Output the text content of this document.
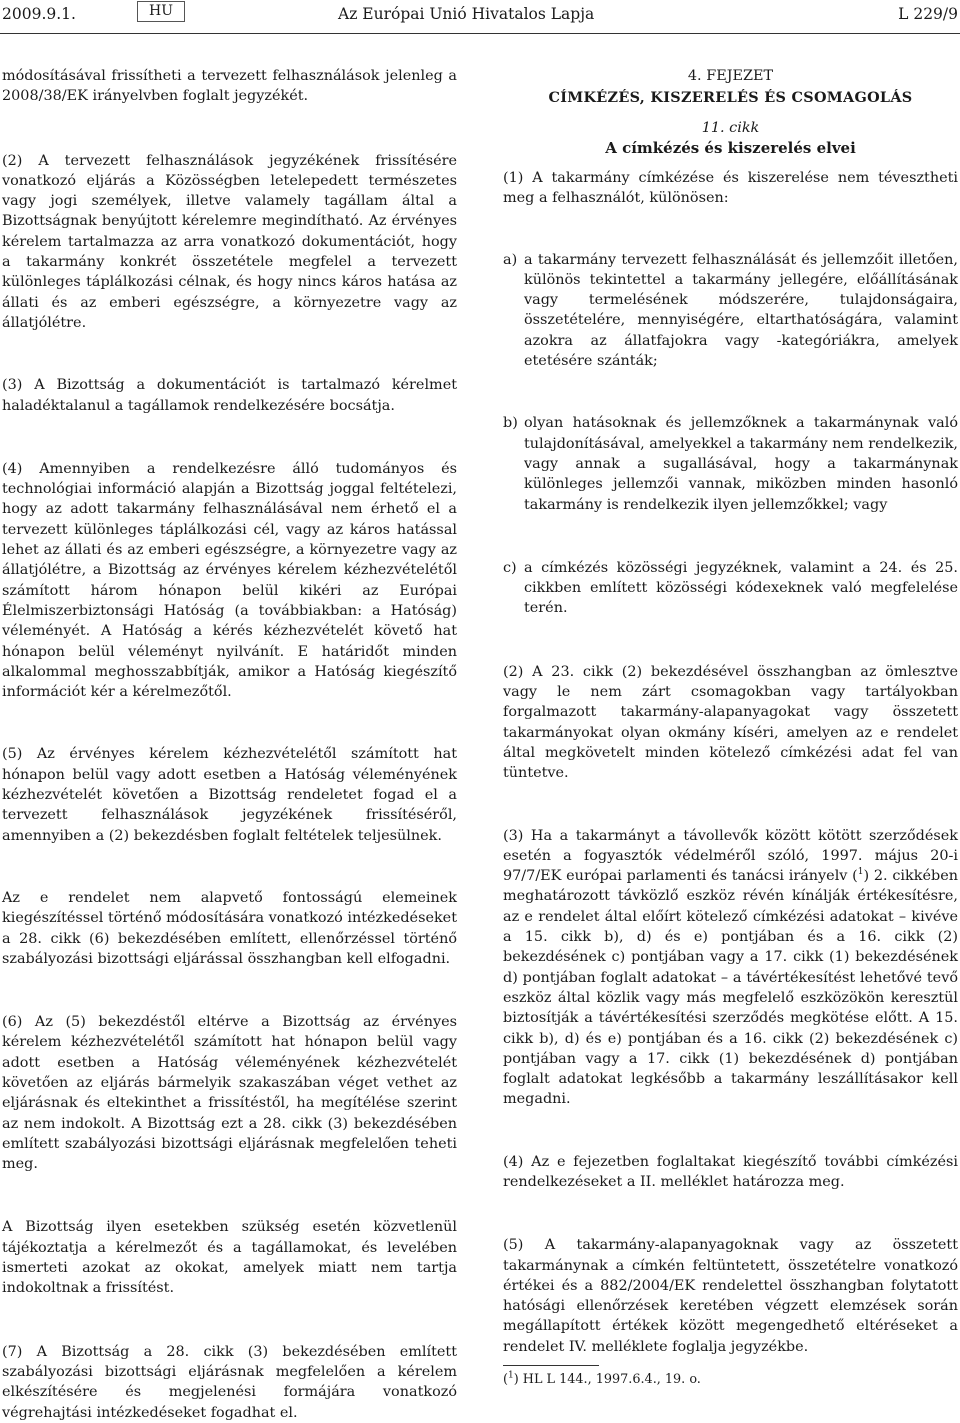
2009.9.1.	HU	Az Európai Unió Hivatalos Lapja	L 229/9

módosításával frissítheti a tervezett felhasználások jelenleg a 2008/38/EK irányelvben foglalt jegyzékét.

(2) A tervezett felhasználások jegyzékének frissítésére vonatkozó eljárás a Közösségben letelepedett természetes vagy jogi személyek, illetve valamely tagállam által a Bizottságnak benyújtott kérelemre megindítható. Az érvényes kérelem tartalmazza az arra vonatkozó dokumentációt, hogy a takarmány konkrét összetétele megfelel a tervezett különleges táplálkozási célnak, és hogy nincs káros hatása az állati és az emberi egészségre, a környezetre vagy az állatjólétre.

(3) A Bizottság a dokumentációt is tartalmazó kérelmet haladéktalanul a tagállamok rendelkezésére bocsátja.

(4) Amennyiben a rendelkezésre álló tudományos és technológiai információ alapján a Bizottság joggal feltételezi, hogy az adott takarmány felhasználásával nem érhető el a tervezett különleges táplálkozási cél, vagy az káros hatással lehet az állati és az emberi egészségre, a környezetre vagy az állatjólétre, a Bizottság az érvényes kérelem kézhezvételétől számított három hónapon belül kikéri az Európai Élelmiszerbiztonsági Hatóság (a továbbiakban: a Hatóság) véleményét. A Hatóság a kérés kézhezvételét követő hat hónapon belül véleményt nyilvánít. E határidőt minden alkalommal meghosszabbítják, amikor a Hatóság kiegészítő információt kér a kérelmezőtől.

(5) Az érvényes kérelem kézhezvételétől számított hat hónapon belül vagy adott esetben a Hatóság véleményének kézhezvételét követően a Bizottság rendeletet fogad el a tervezett felhasználások jegyzékének frissítéséről, amennyiben a (2) bekezdésben foglalt feltételek teljesülnek.

Az e rendelet nem alapvető fontosságú elemeinek kiegészítéssel történő módosítására vonatkozó intézkedéseket a 28. cikk (6) bekezdésében említett, ellenőrzéssel történő szabályozási bizottsági eljárással összhangban kell elfogadni.

(6) Az (5) bekezdéstől eltérve a Bizottság az érvényes kérelem kézhezvételétől számított hat hónapon belül vagy adott esetben a Hatóság véleményének kézhezvételét követően az eljárás bármelyik szakaszában véget vethet az eljárásnak és eltekinthet a frissítéstől, ha megítélése szerint az nem indokolt. A Bizottság ezt a 28. cikk (3) bekezdésében említett szabályozási bizottsági eljárásnak megfelelően teheti meg.

A Bizottság ilyen esetekben szükség esetén közvetlenül tájékoztatja a kérelmezőt és a tagállamokat, és levelében ismerteti azokat az okokat, amelyek miatt nem tartja indokoltnak a frissítést.

(7) A Bizottság a 28. cikk (3) bekezdésében említett szabályozási bizottsági eljárásnak megfelelően a kérelem elkészítésére és megjelenési formájára vonatkozó végrehajtási intézkedéseket fogadhat el.

4. FEJEZET
CÍMKÉZÉS, KISZERELÉS ÉS CSOMAGOLÁS
11. cikk
A címkézés és kiszerelés elvei

(1) A takarmány címkézése és kiszerelése nem tévesztheti meg a felhasználót, különösen:

a) a takarmány tervezett felhasználását és jellemzőit illetően, különös tekintettel a takarmány jellegére, előállításának vagy termelésének módszerére, tulajdonságaira, összetételére, mennyiségére, eltarthatóságára, valamint azokra az állatfajokra vagy -kategóriákra, amelyek etetésére szánták;
b) olyan hatásoknak és jellemzőknek a takarmánynak való tulajdonításával, amelyekkel a takarmány nem rendelkezik, vagy annak a sugallásával, hogy a takarmánynak különleges jellemzői vannak, miközben minden hasonló takarmány is rendelkezik ilyen jellemzőkkel; vagy
c) a címkézés közösségi jegyzéknek, valamint a 24. és 25. cikkben említett közösségi kódexeknek való megfelelése terén.

(2) A 23. cikk (2) bekezdésével összhangban az ömlesztve vagy le nem zárt csomagokban vagy tartályokban forgalmazott takarmány-alapanyagokat vagy összetett takarmányokat olyan okmány kíséri, amelyen az e rendelet által megkövetelt minden kötelező címkézési adat fel van tüntetve.

(3) Ha a takarmányt a távollevők között kötött szerződések esetén a fogyasztók védelméről szóló, 1997. május 20-i 97/7/EK európai parlamenti és tanácsi irányelv ($^1$) 2. cikkében meghatározott távközlő eszköz révén kínálják értékesítésre, az e rendelet által előírt kötelező címkézési adatokat – kivéve a 15. cikk b), d) és e) pontjában és a 16. cikk (2) bekezdésének c) pontjában vagy a 17. cikk (1) bekezdésének d) pontjában foglalt adatokat – a távértékesítést lehetővé tevő eszköz által közlik vagy más megfelelő eszközökön keresztül biztosítják a távértékesítési szerződés megkötése előtt. A 15. cikk b), d) és e) pontjában és a 16. cikk (2) bekezdésének c) pontjában vagy a 17. cikk (1) bekezdésének d) pontjában foglalt adatokat legkésőbb a takarmány leszállításakor kell megadni.

(4) Az e fejezetben foglaltakat kiegészítő további címkézési rendelkezéseket a II. melléklet határozza meg.

(5) A takarmány-alapanyagoknak vagy az összetett takarmánynak a címkén feltüntetett, összetételre vonatkozó értékei és a 882/2004/EK rendelettel összhangban folytatott hatósági ellenőrzések keretében végzett elemzések során megállapított értékek között megengedhető eltéréseket a rendelet IV. melléklete foglalja jegyzékbe.

($^1$) HL L 144., 1997.6.4., 19. o.
